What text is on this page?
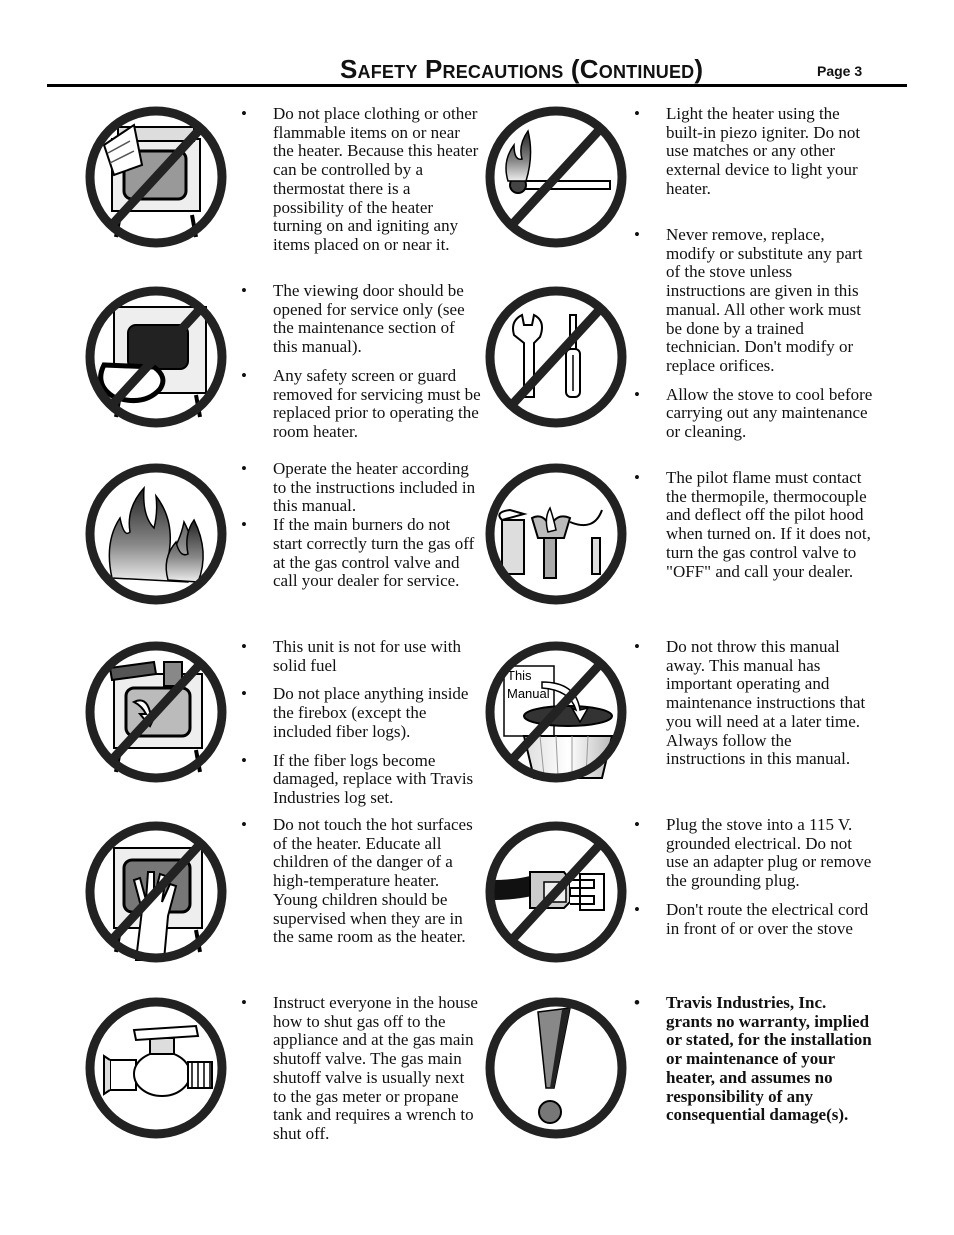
Safety Precautions (Continued)	Page 3
• Do not place clothing or other flammable items on or near the heater. Because this heater can be controlled by a thermostat there is a possibility of the heater turning on and igniting any items placed on or near it.
• The viewing door should be opened for service only (see the maintenance section of this manual).
• Any safety screen or guard removed for servicing must be replaced prior to operating the room heater.
• Operate the heater according to the instructions included in this manual.
• If the main burners do not start correctly turn the gas off at the gas control valve and call your dealer for service.
• This unit is not for use with solid fuel
• Do not place anything inside the firebox (except the included fiber logs).
• If the fiber logs become damaged, replace with Travis Industries log set.
• Do not touch the hot surfaces of the heater. Educate all children of the danger of a high-temperature heater. Young children should be supervised when they are in the same room as the heater.
• Instruct everyone in the house how to shut gas off to the appliance and at the gas main shutoff valve. The gas main shutoff valve is usually next to the gas meter or propane tank and requires a wrench to shut off.
• Light the heater using the built-in piezo igniter. Do not use matches or any other external device to light your heater.
• Never remove, replace, modify or substitute any part of the stove unless instructions are given in this manual. All other work must be done by a trained technician. Don't modify or replace orifices.
• Allow the stove to cool before carrying out any maintenance or cleaning.
• The pilot flame must contact the thermopile, thermocouple and deflect off the pilot hood when turned on. If it does not, turn the gas control valve to "OFF" and call your dealer.
This
Manual
• Do not throw this manual away. This manual has important operating and maintenance instructions that you will need at a later time. Always follow the instructions in this manual.
• Plug the stove into a 115 V. grounded electrical. Do not use an adapter plug or remove the grounding plug.
• Don't route the electrical cord in front of or over the stove
• Travis Industries, Inc. grants no warranty, implied or stated, for the installation or maintenance of your heater, and assumes no responsibility of any consequential damage(s).
